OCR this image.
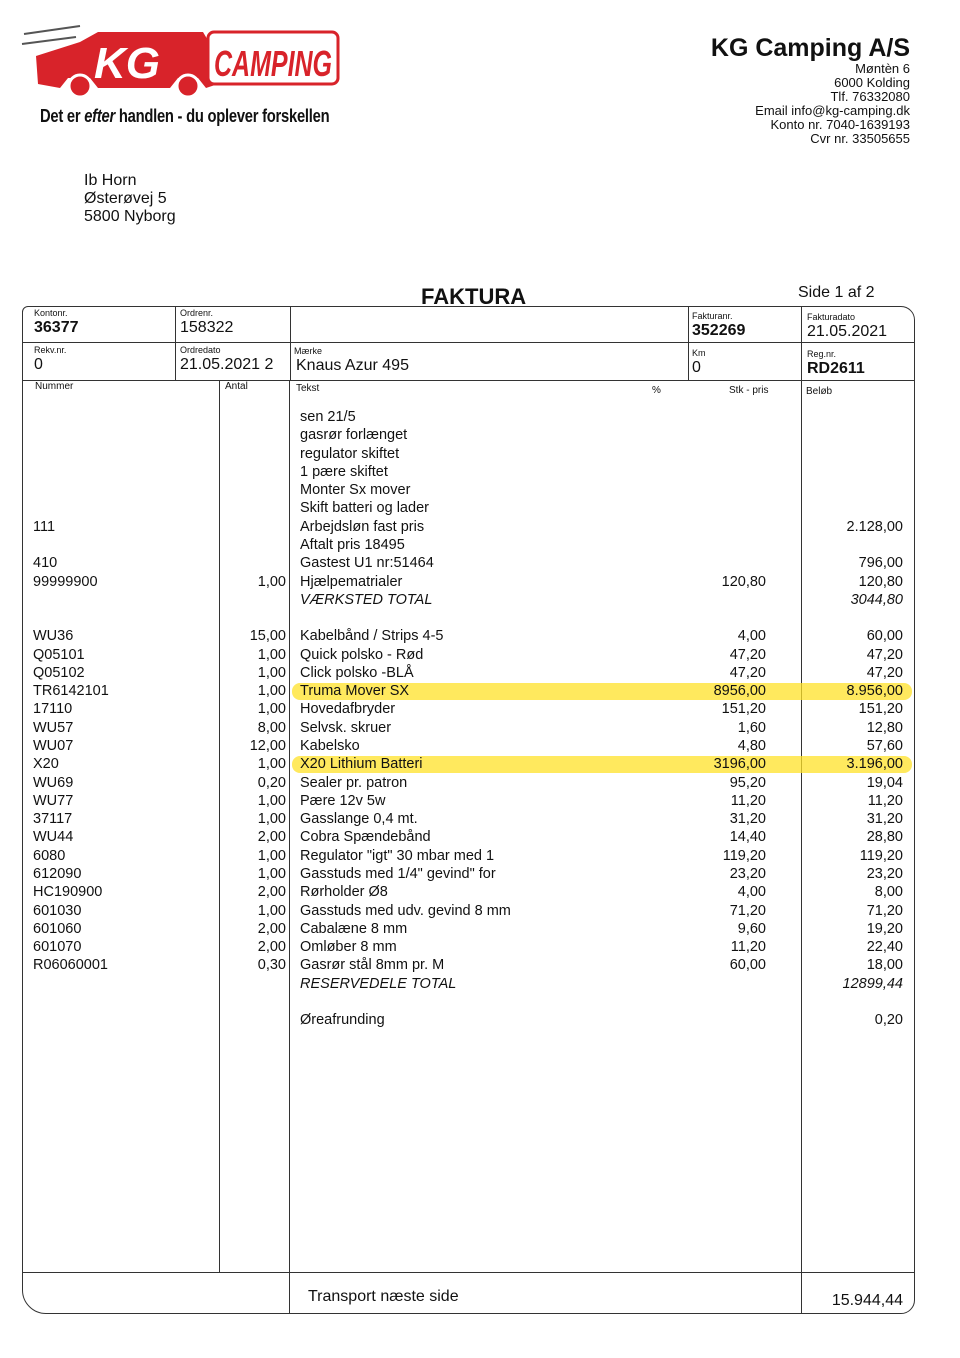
KG CAMPING
Det er efter handlen - du oplever forskellen
KG Camping A/S
Møntèn 6
6000 Kolding
Tlf. 76332080
Email info@kg-camping.dk
Konto nr. 7040-1639193
Cvr nr. 33505655
Ib Horn
Østerøvej 5
5800 Nyborg
FAKTURA	Side 1 af 2
Kontonr.
36377
Ordrenr.
158322
Fakturanr.
352269
Fakturadato
21.05.2021
Rekv.nr.
0
Ordredato
21.05.2021 2
Mærke
Knaus Azur 495
Km
0
Reg.nr.
RD2611
Nummer	Antal	Tekst	%	Stk - pris	Beløb
sen 21/5
gasrør forlænget
regulator skiftet
1 pære skiftet
Monter Sx mover
Skift batteri og lader
111	Arbejdsløn fast pris	2.128,00
Aftalt pris 18495
410	Gastest U1 nr:51464	796,00
99999900	1,00 Hjælpematrialer	120,80	120,80
VÆRKSTED TOTAL	3044,80
WU36	15,00 Kabelbånd / Strips 4-5	4,00	60,00
Q05101	1,00 Quick polsko - Rød	47,20	47,20
Q05102	1,00 Click polsko -BLÅ	47,20	47,20
TR6142101	1,00 Truma Mover SX	8956,00	8.956,00
17110	1,00 Hovedafbryder	151,20	151,20
WU57	8,00 Selvsk. skruer	1,60	12,80
WU07	12,00 Kabelsko	4,80	57,60
X20	1,00 X20 Lithium Batteri	3196,00	3.196,00
WU69	0,20 Sealer pr. patron	95,20	19,04
WU77	1,00 Pære 12v 5w	11,20	11,20
37117	1,00 Gasslange 0,4 mt.	31,20	31,20
WU44	2,00 Cobra Spændebånd	14,40	28,80
6080	1,00 Regulator "igt" 30 mbar med 1	119,20	119,20
612090	1,00 Gasstuds med 1/4" gevind" for	23,20	23,20
HC190900	2,00 Rørholder Ø8	4,00	8,00
601030	1,00 Gasstuds med udv. gevind 8 mm	71,20	71,20
601060	2,00 Cabalæne 8 mm	9,60	19,20
601070	2,00 Omløber 8 mm	11,20	22,40
R06060001	0,30 Gasrør stål 8mm pr. M	60,00	18,00
RESERVEDELE TOTAL	12899,44
Øreafrunding	0,20
Transport næste side	15.944,44
